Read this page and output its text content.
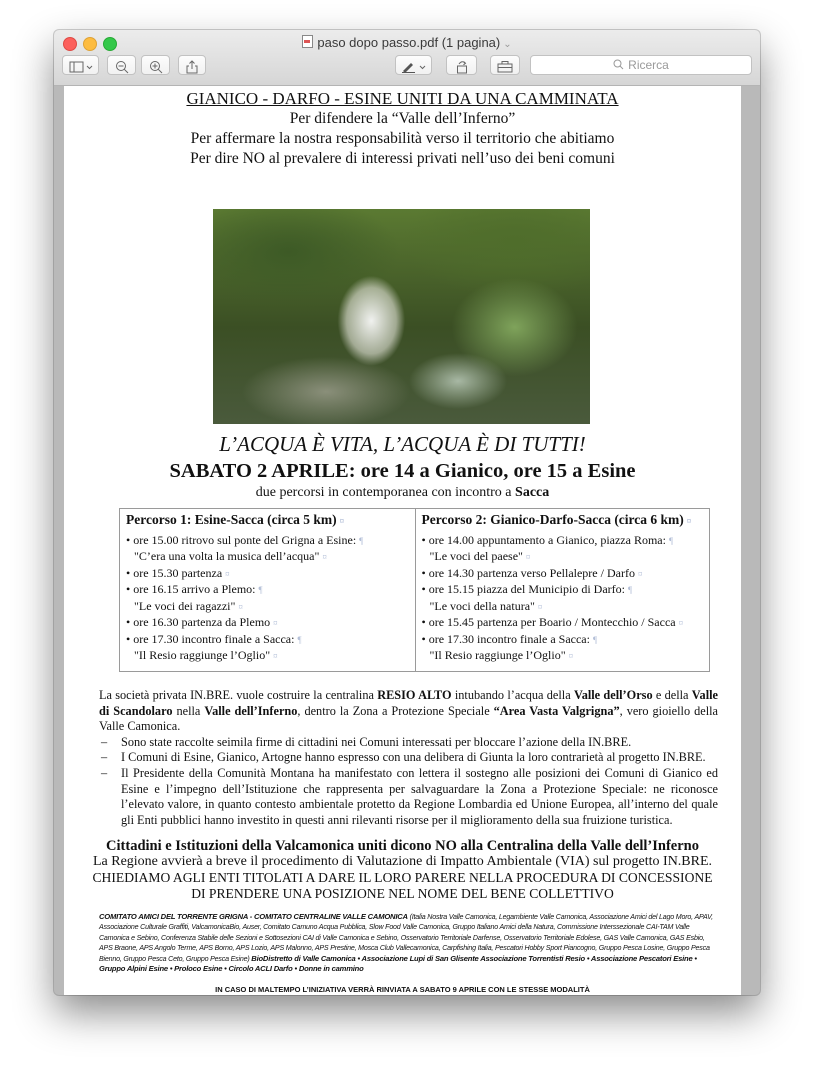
paso dopo passo.pdf (1 pagina) ⌄
Ricerca
GIANICO - DARFO - ESINE UNITI DA UNA CAMMINATA
Per difendere la “Valle dell’Inferno”
Per affermare la nostra responsabilità verso il territorio che abitiamo
Per dire NO al prevalere di interessi privati nell’uso dei beni comuni
L’ACQUA È VITA, L’ACQUA È DI TUTTI!
SABATO 2 APRILE: ore 14 a Gianico, ore 15 a Esine
due percorsi in contemporanea con incontro a Sacca
Percorso 1: Esine-Sacca (circa 5 km) ¤
• ore 15.00 ritrovo sul ponte del Grigna a Esine: ¶
"C’era una volta la musica dell’acqua" ¤
• ore 15.30 partenza ¤
• ore 16.15 arrivo a Plemo: ¶
"Le voci dei ragazzi" ¤
• ore 16.30 partenza da Plemo ¤
• ore 17.30 incontro finale a Sacca: ¶
"Il Resio raggiunge l’Oglio" ¤
Percorso 2: Gianico-Darfo-Sacca (circa 6 km) ¤
• ore 14.00 appuntamento a Gianico, piazza Roma: ¶
"Le voci del paese" ¤
• ore 14.30 partenza verso Pellalepre / Darfo ¤
• ore 15.15 piazza del Municipio di Darfo: ¶
"Le voci della natura" ¤
• ore 15.45 partenza per Boario / Montecchio / Sacca ¤
• ore 17.30 incontro finale a Sacca: ¶
"Il Resio raggiunge l’Oglio" ¤

La società privata IN.BRE. vuole costruire la centralina RESIO ALTO intubando l’acqua della Valle dell’Orso e della Valle di Scandolaro nella Valle dell’Inferno, dentro la Zona a Protezione Speciale “Area Vasta Valgrigna”, vero gioiello della Valle Camonica.

– Sono state raccolte seimila firme di cittadini nei Comuni interessati per bloccare l’azione della IN.BRE.

– I Comuni di Esine, Gianico, Artogne hanno espresso con una delibera di Giunta la loro contrarietà al progetto IN.BRE.

– Il Presidente della Comunità Montana ha manifestato con lettera il sostegno alle posizioni dei Comuni di Gianico ed Esine e l’impegno dell’Istituzione che rappresenta per salvaguardare la Zona a Protezione Speciale: ne riconosce l’elevato valore, in quanto contesto ambientale protetto da Regione Lombardia ed Unione Europea, all’interno del quale gli Enti pubblici hanno investito in questi anni rilevanti risorse per il miglioramento della sua fruizione turistica.

Cittadini e Istituzioni della Valcamonica uniti dicono NO alla Centralina della Valle dell’Inferno
La Regione avvierà a breve il procedimento di Valutazione di Impatto Ambientale (VIA) sul progetto IN.BRE.
CHIEDIAMO AGLI ENTI TITOLATI A DARE IL LORO PARERE NELLA PROCEDURA DI CONCESSIONE
DI PRENDERE UNA POSIZIONE NEL NOME DEL BENE COLLETTIVO
COMITATO AMICI DEL TORRENTE GRIGNA - COMITATO CENTRALINE VALLE CAMONICA (Italia Nostra Valle Camonica, Legambiente Valle Camonica, Associazione Amici del Lago Moro, APAV, Associazione Culturale Graffiti, ValcamonicaBio, Auser, Comitato Camuno Acqua Pubblica, Slow Food Valle Camonica, Gruppo Italiano Amici della Natura, Commissione Interssezionale CAI-TAM Valle Camonica e Sebino, Conferenza Stabile delle Sezioni e Sottosezioni CAI di Valle Camonica e Sebino, Osservatorio Territoriale Darfense, Osservatorio Territoriale Edolese, GAS Valle Camonica, GAS Esbio, APS Braone, APS Angolo Terme, APS Borno, APS Lozio, APS Malonno, APS Prestine, Mosca Club Vallecamonica, Carpfishing Italia, Pescatori Hobby Sport Piancogno, Gruppo Pesca Losine, Gruppo Pesca Bienno, Gruppo Pesca Ceto, Gruppo Pesca Esine) BioDistretto di Valle Camonica • Associazione Lupi di San Glisente Associazione Torrentisti Resio • Associazione Pescatori Esine • Gruppo Alpini Esine • Proloco Esine • Circolo ACLI Darfo • Donne in cammino
IN CASO DI MALTEMPO L’INIZIATIVA VERRÀ RINVIATA A SABATO 9 APRILE CON LE STESSE MODALITÀ
